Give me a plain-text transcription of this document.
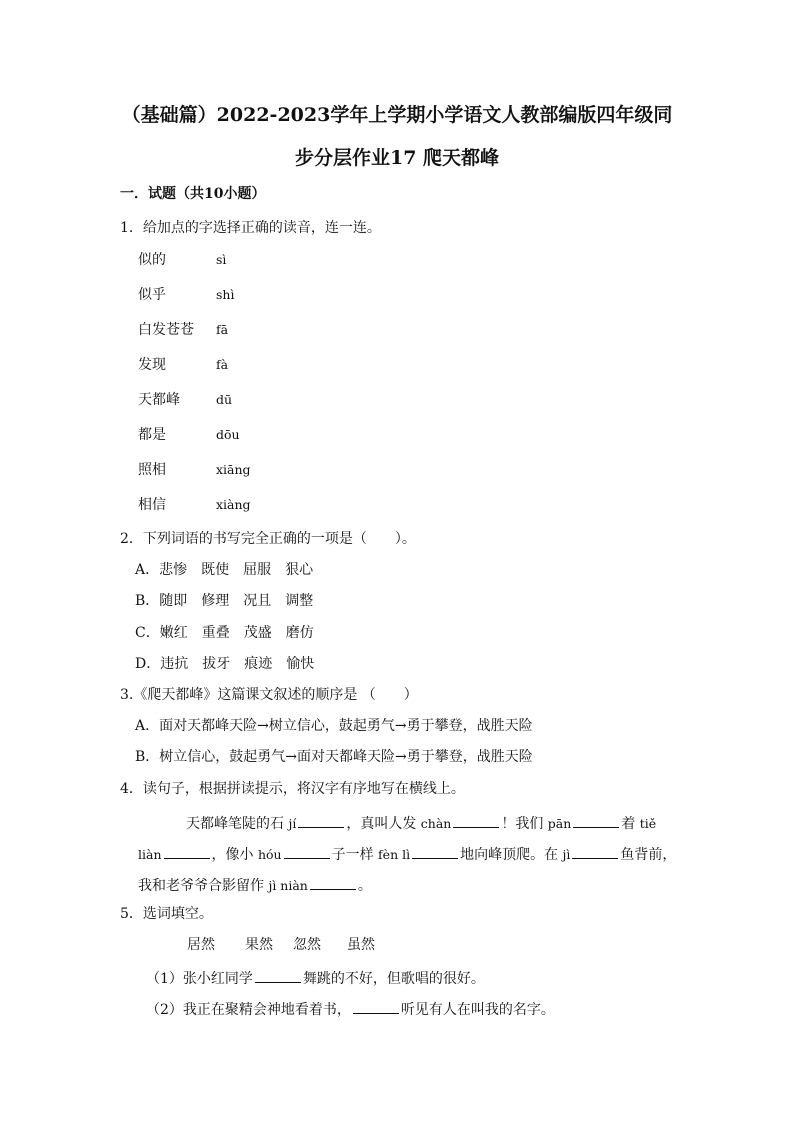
（基础篇）2022-2023学年上学期小学语文人教部编版四年级同
步分层作业17 爬天都峰
一．试题（共10小题）
1．给加点的字选择正确的读音，连一连。
似的	sì
似乎	shì
白发苍苍 fā
发现	fà
天都峰	dū
都是	dōu
照相	xiāng
相信	xiàng
2．下列词语的书写完全正确的一项是（　　）。
A．悲惨 既使 屈服 狠心
B．随即 修理 况且 调整
C．嫩红 重叠 茂盛 磨仿
D．违抗 拔牙 痕迹 愉快
3.《爬天都峰》这篇课文叙述的顺序是 （　　）
A．面对天都峰天险→树立信心，鼓起勇气→勇于攀登，战胜天险
B．树立信心，鼓起勇气→面对天都峰天险→勇于攀登，战胜天险
4．读句子，根据拼读提示，将汉字有序地写在横线上。
天都峰笔陡的石 jí	，真叫人发 chàn	！我们 pān	着 tiě
liàn	，像小 hóu	子一样 fèn lì	地向峰顶爬。在 jì	鱼背前，
我和老爷爷合影留作 jì niàn	。
5．选词填空。
居然 果然 忽然 虽然
（1）张小红同学	舞跳的不好，但歌唱的很好。
（2）我正在聚精会神地看着书，	听见有人在叫我的名字。
